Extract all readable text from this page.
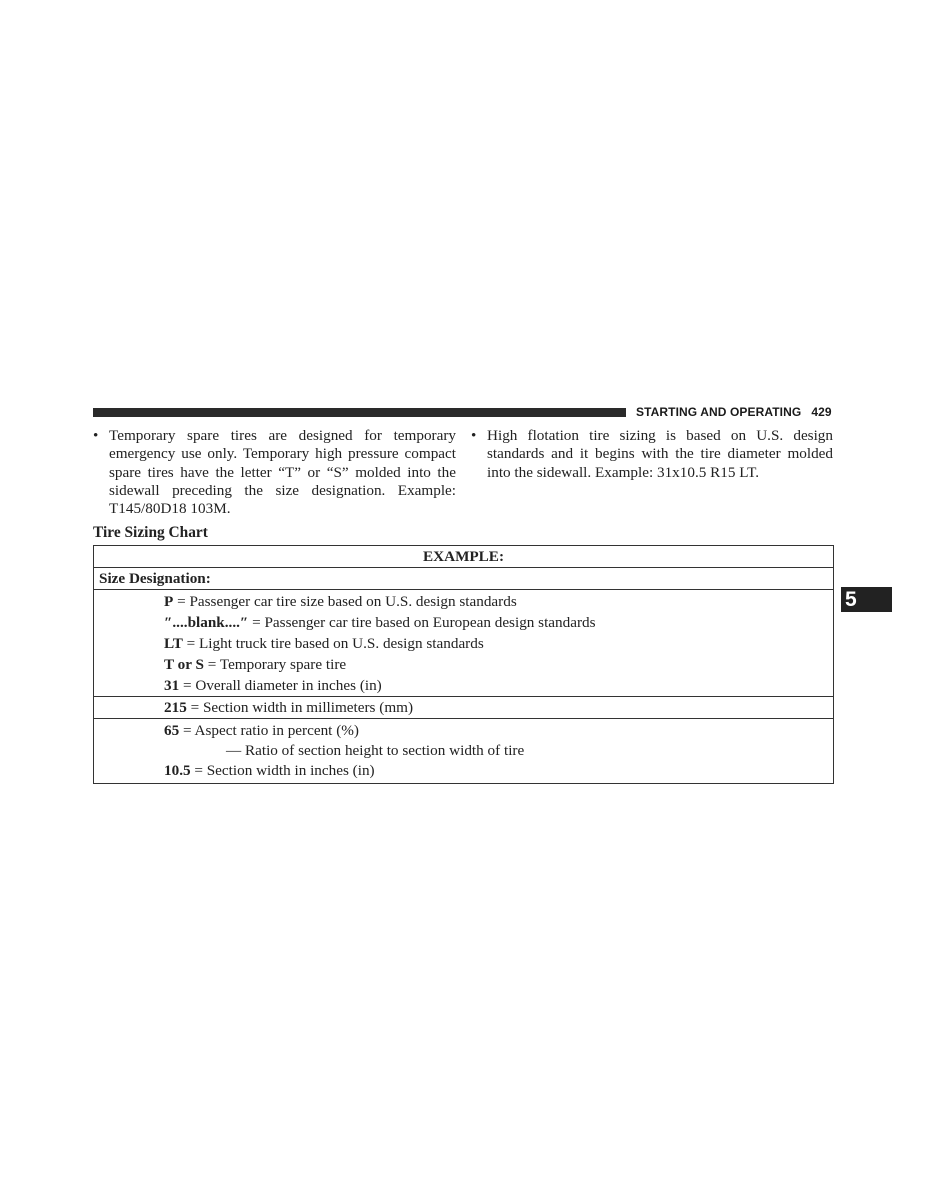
STARTING AND OPERATING 429
• Temporary spare tires are designed for temporary emergency use only. Temporary high pressure compact spare tires have the letter “T” or “S” molded into the sidewall preceding the size designation. Example: T145/80D18 103M.
• High flotation tire sizing is based on U.S. design standards and it begins with the tire diameter molded into the sidewall. Example: 31x10.5 R15 LT.
Tire Sizing Chart
EXAMPLE:
Size Designation:
P = Passenger car tire size based on U.S. design standards
″....blank....″ = Passenger car tire based on European design standards
LT = Light truck tire based on U.S. design standards
T or S = Temporary spare tire
31 = Overall diameter in inches (in)
215 = Section width in millimeters (mm)
65 = Aspect ratio in percent (%)
— Ratio of section height to section width of tire
10.5 = Section width in inches (in)
5
